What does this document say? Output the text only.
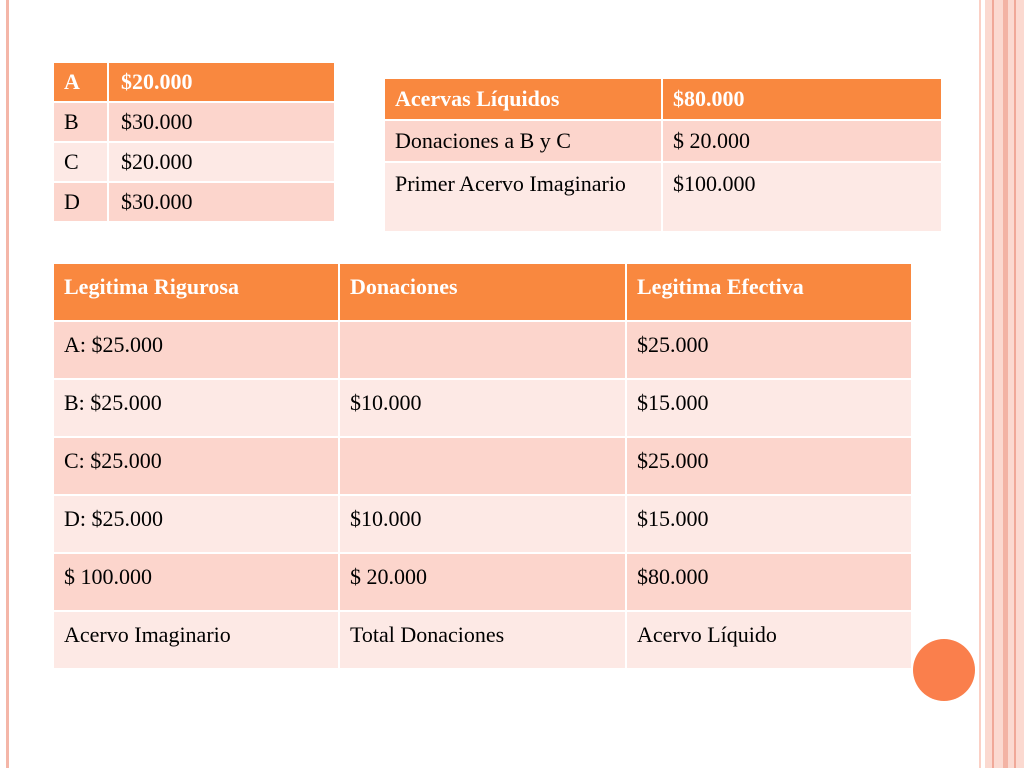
A	$20.000
B	$30.000
C	$20.000
D	$30.000
Acervas Líquidos	$80.000
Donaciones a B y C	$ 20.000
Primer Acervo Imaginario	$100.000
Legitima Rigurosa	Donaciones	Legitima Efectiva
A: $25.000		$25.000
B: $25.000	$10.000	$15.000
C: $25.000		$25.000
D: $25.000	$10.000	$15.000
$ 100.000	$ 20.000	$80.000
Acervo Imaginario	Total Donaciones	Acervo Líquido
